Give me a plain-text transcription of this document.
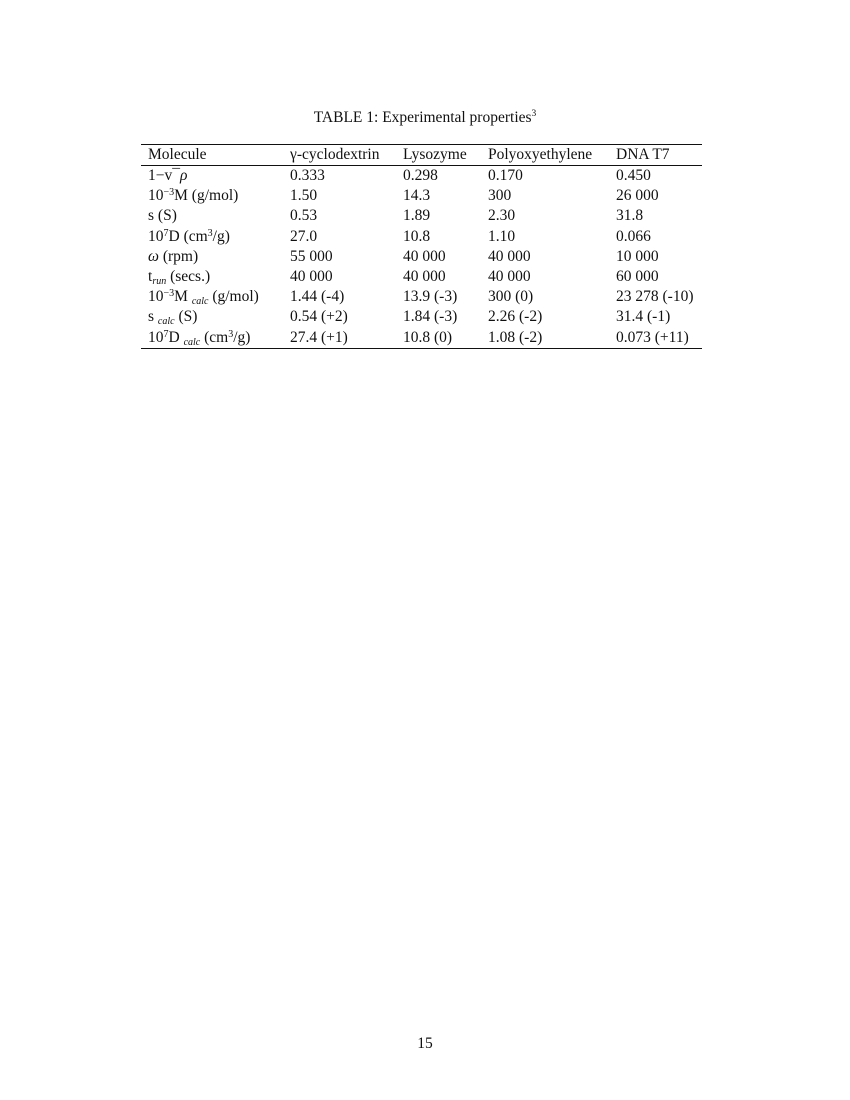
TABLE 1: Experimental properties$^3$
Molecule	γ-cyclodextrin	Lysozyme	Polyoxyethylene	DNA T7
1−v¯ρ	0.333	0.298	0.170	0.450
$10^{-3}M$ (g/mol)	1.50	14.3	300	26 000
s (S)	0.53	1.89	2.30	31.8
$10^7D$ $(cm^3/g)$	27.0	10.8	1.10	0.066
ω (rpm)	55 000	40 000	40 000	10 000
$t_{run}$ (secs.)	40 000	40 000	40 000	60 000
$10^{-3}M$ $_{calc}$ (g/mol)	1.44 (-4)	13.9 (-3)	300 (0)	23 278 (-10)
s $_{calc}$ (S)	0.54 (+2)	1.84 (-3)	2.26 (-2)	31.4 (-1)
$10^7D$ $_{calc}$ $(cm^3/g)$	27.4 (+1)	10.8 (0)	1.08 (-2)	0.073 (+11)
15
